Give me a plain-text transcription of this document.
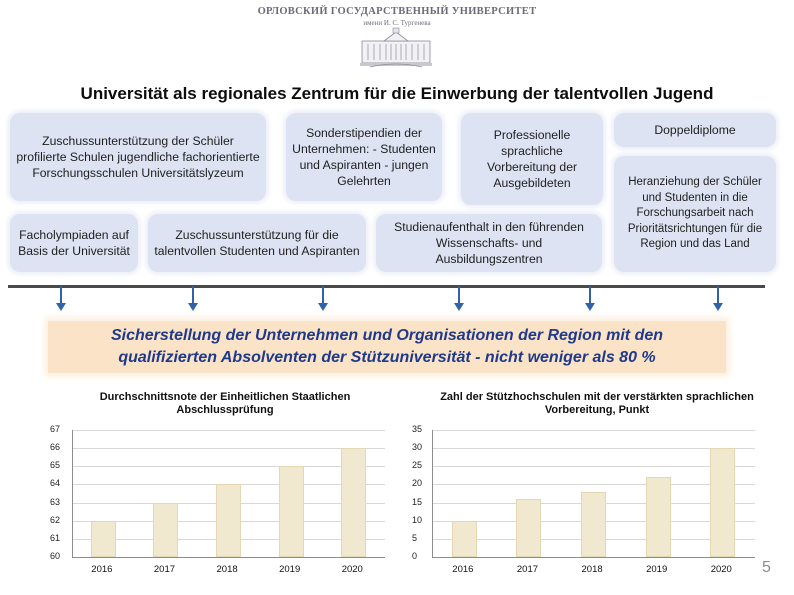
ОРЛОВСКИЙ ГОСУДАРСТВЕННЫЙ УНИВЕРСИТЕТ
имени И. С. Тургенева
Universität als regionales Zentrum für die Einwerbung der talentvollen Jugend
Zuschussunterstützung der Schüler profilierte Schulen jugendliche fachorientierte Forschungsschulen Universitätslyzeum
Sonderstipendien der Unternehmen: - Studenten und Aspiranten - jungen Gelehrten
Professionelle sprachliche Vorbereitung der Ausgebildeten
Doppeldiplome
Facholympiaden auf Basis der Universität
Zuschussunterstützung für die talentvollen Studenten und Aspiranten
Studienaufenthalt in den führenden Wissenschafts- und Ausbildungszentren
Heranziehung der Schüler und Studenten in die Forschungsarbeit nach Prioritätsrichtungen für die Region und das Land
Sicherstellung der Unternehmen und Organisationen der Region mit den
qualifizierten Absolventen der Stützuniversität - nicht weniger als 80 %
Durchschnittsnote der Einheitlichen Staatlichen Abschlussprüfung
Zahl der Stützhochschulen mit der verstärkten sprachlichen Vorbereitung, Punkt
5
60
61
62
63
64
65
66
67
2016	2017	2018	2019	2020
0
5
10
15
20
25
30
35
2016	2017	2018	2019	2020
